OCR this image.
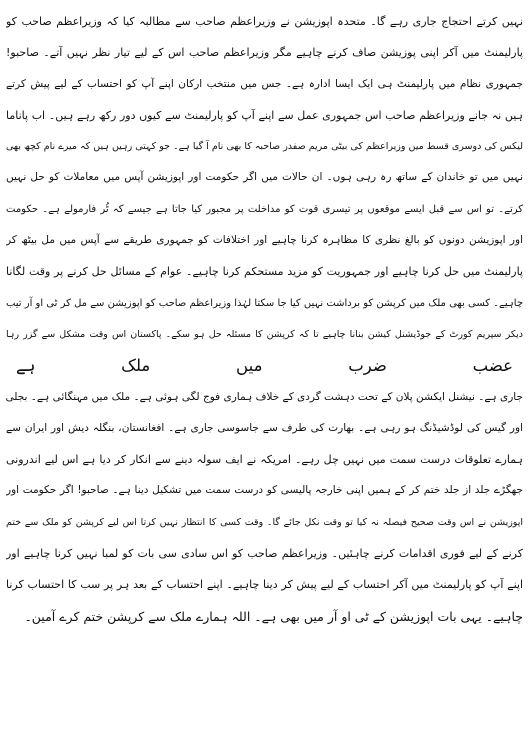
نہیں کرتے احتجاج جاری رہے گا۔ متحدہ اپوزیشن نے وزیراعظم صاحب سے مطالبہ کیا کہ وزیراعظم صاحب کو
پارلیمنٹ میں آکر اپنی پوزیشن صاف کرنے چاہیے مگر وزیراعظم صاحب اس کے لیے تیار نظر نہیں آتے۔ صاحبو!
جمہوری نظام میں پارلیمنٹ ہی ایک ایسا ادارہ ہے۔ جس میں منتخب ارکان اپنے آپ کو احتساب کے لیے پیش کرتے
ہیں نہ جانے وزیراعظم صاحب اس جمہوری عمل سے اپنے آپ کو پارلیمنٹ سے کیوں دور رکھ رہے ہیں۔ اب پاناما
لیکس کی دوسری قسط میں وزیراعظم کی بیٹی مریم صفدر صاحبہ کا بھی نام آ گیا ہے۔ جو کہتی رہیں ہیں کہ میرے نام کچھ بھی
نہیں میں تو خاندان کے ساتھ رہ رہی ہوں۔ ان حالات میں اگر حکومت اور اپوزیشن آپس میں معاملات کو حل نہیں
کرتے۔ تو اس سے قبل ایسے موقعوں پر تیسری قوت کو مداخلت پر مجبور کیا جاتا ہے جیسے کہ ٹُر فارمولے ہے۔ حکومت
اور اپوزیشن دونوں کو بالغ نظری کا مظاہرہ کرنا چاہیے اور اختلافات کو جمہوری طریقے سے آپس میں مل بیٹھ کر
پارلیمنٹ میں حل کرنا چاہیے اور جمہوریت کو مزید مستحکم کرنا چاہیے۔ عوام کے مسائل حل کرنے پر وقت لگانا
چاہیے۔ کسی بھی ملک میں کرپشن کو برداشت نہیں کیا جا سکتا لہٰذا وزیراعظم صاحب کو اپوزیشن سے مل کر ٹی او آر تیب
دیکر سپریم کورٹ کے جوڈیشنل کیشن بنانا چاہیے تا کہ کرپشن کا مسئلہ حل ہو سکے۔ پاکستان اس وقت مشکل سے گزر رہا
عضب
ضرب
میں
ملک
ہے
جاری ہے۔ نیشنل ایکشن پلان کے تحت دہشت گردی کے خلاف ہماری فوج لگی ہوئی ہے۔ ملک میں مہنگائی ہے۔ بجلی
اور گیس کی لوڈشیڈنگ ہو رہی ہے۔ بھارت کی طرف سے جاسوسی جاری ہے۔ افغانستان، بنگلہ دیش اور ایران سے
ہمارے تعلوقات درست سمت میں نہیں چل رہے۔ امریکہ نے ایف سولہ دینے سے انکار کر دیا ہے اس لیے اندرونی
جھگڑے جلد از جلد ختم کر کے ہمیں اپنی خارجہ پالیسی کو درست سمت میں تشکیل دینا ہے۔ صاحبو! اگر حکومت اور
اپوزیشن نے اس وقت صحیح فیصلہ نہ کیا تو وقت نکل جائے گا۔ وقت کسی کا انتظار نہیں کرتا اس لیے کرپشن کو ملک سے ختم
کرنے کے لیے فوری اقدامات کرنے چاہئیں۔ وزیراعظم صاحب کو اس سادی سی بات کو لمبا نہیں کرنا چاہیے اور
اپنے آپ کو پارلیمنٹ میں آکر احتساب کے لیے پیش کر دینا چاہیے۔ اپنے احتساب کے بعد ہر پر سب کا احتساب کرنا
چاہیے۔ یہی بات اپوزیشن کے ٹی او آر میں بھی ہے۔ اللہ ہمارے ملک سے کرپشن ختم کرے آمین۔
